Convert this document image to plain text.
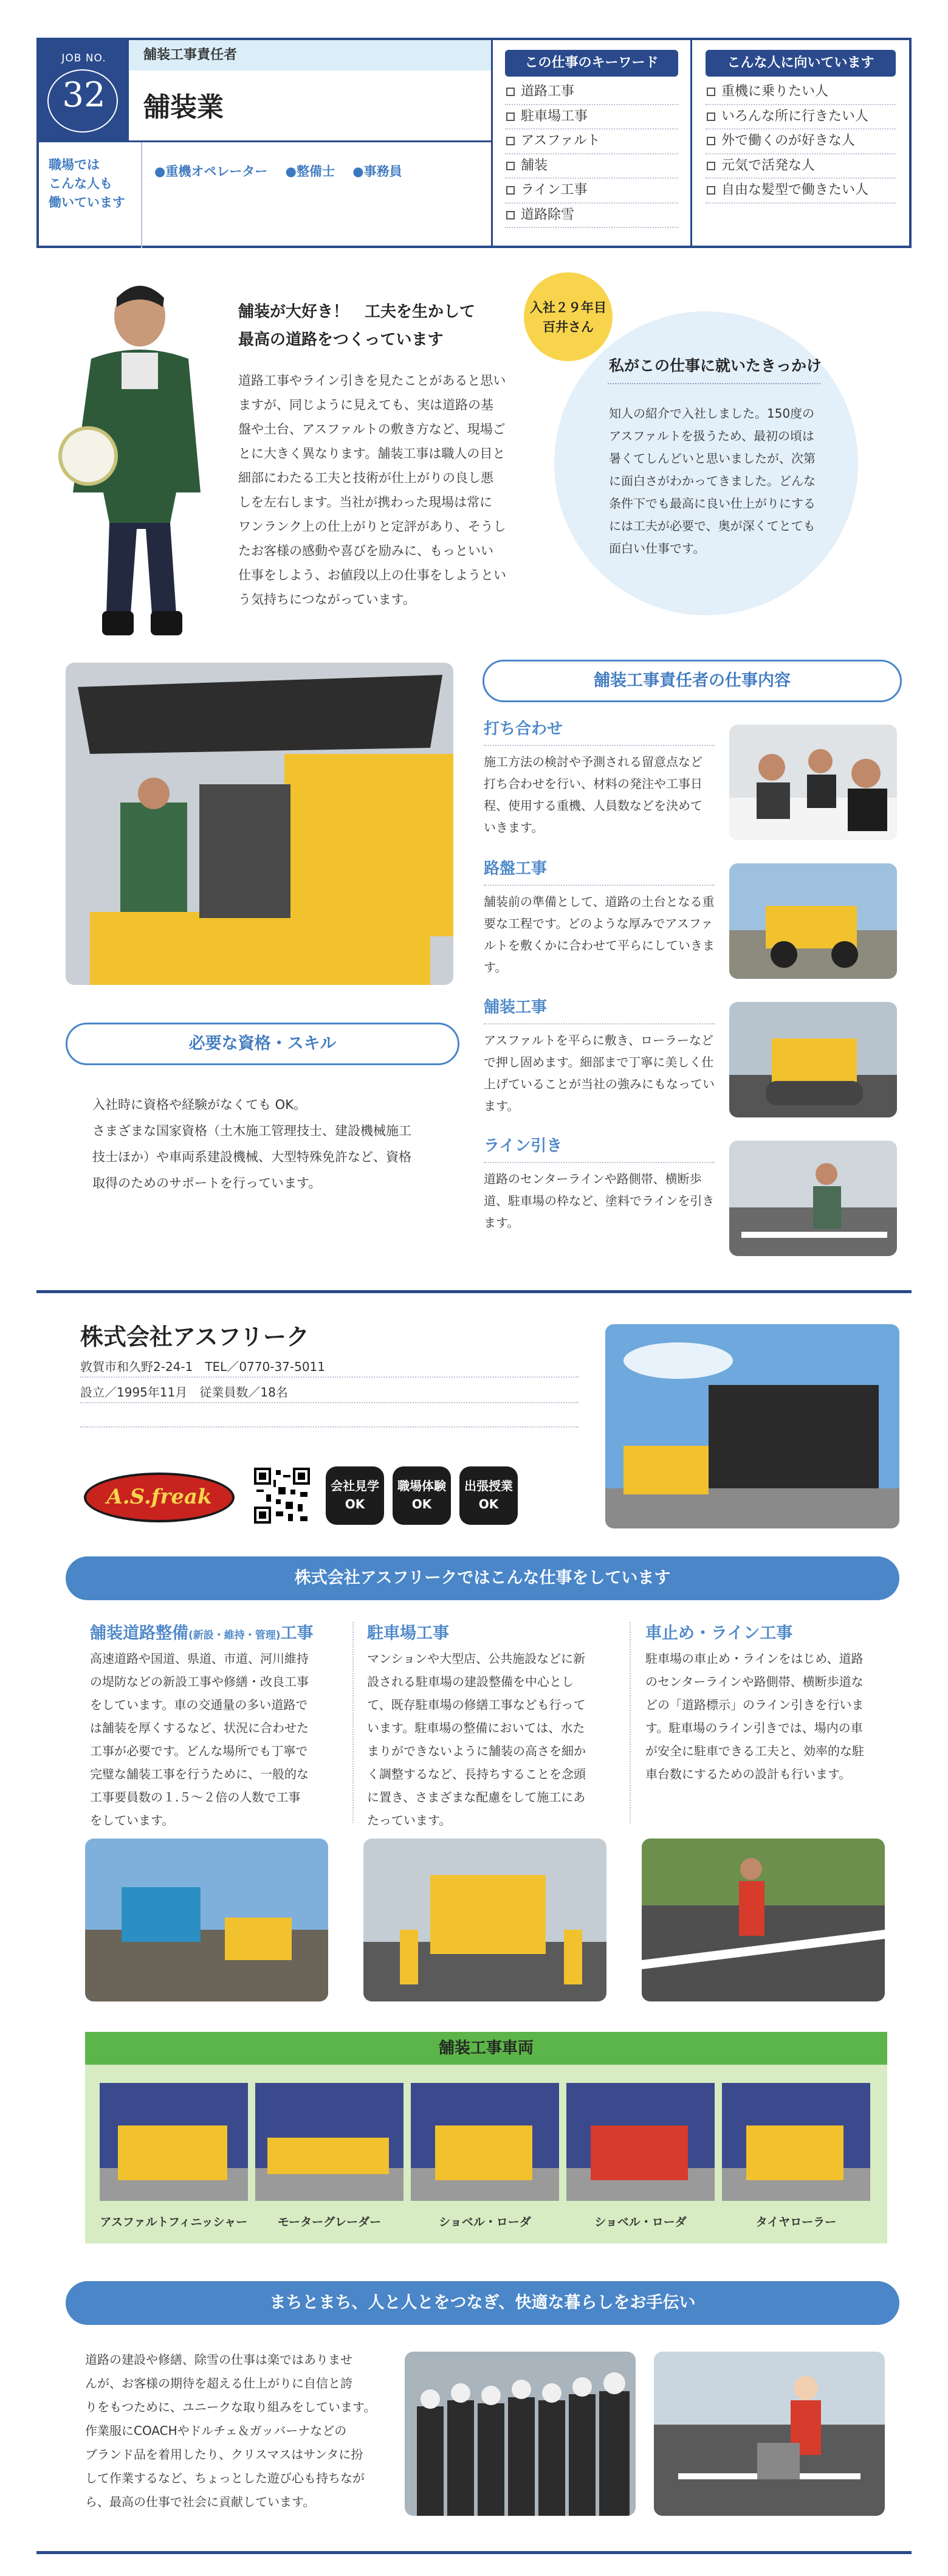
JOB NO.
32
舗装工事責任者
舗装業
職場では
こんな人も
働いています
●重機オペレーター ●整備士 ●事務員
この仕事のキーワード
道路工事
駐車場工事
アスファルト
舗装
ライン工事
道路除雪
こんな人に向いています
重機に乗りたい人
いろんな所に行きたい人
外で働くのが好きな人
元気で活発な人
自由な髪型で働きたい人
舗装が大好き！　工夫を生かして
最高の道路をつくっています
道路工事やライン引きを見たことがあると思い
ますが、同じように見えても、実は道路の基
盤や土台、アスファルトの敷き方など、現場ご
とに大きく異なります。舗装工事は職人の目と
細部にわたる工夫と技術が仕上がりの良し悪
しを左右します。当社が携わった現場は常に
ワンランク上の仕上がりと定評があり、そうし
たお客様の感動や喜びを励みに、もっといい
仕事をしよう、お値段以上の仕事をしようとい
う気持ちにつながっています。
入社２９年目
百井さん
私がこの仕事に就いたきっかけ
知人の紹介で入社しました。150度の
アスファルトを扱うため、最初の頃は
暑くてしんどいと思いましたが、次第
に面白さがわかってきました。どんな
条件下でも最高に良い仕上がりにする
には工夫が必要で、奥が深くてとても
面白い仕事です。
舗装工事責任者の仕事内容
打ち合わせ
施工方法の検討や予測される留意点など
打ち合わせを行い、材料の発注や工事日
程、使用する重機、人員数などを決めて
いきます。
路盤工事
舗装前の準備として、道路の土台となる重
要な工程です。どのような厚みでアスファ
ルトを敷くかに合わせて平らにしていきま
す。
舗装工事
アスファルトを平らに敷き、ローラーなど
で押し固めます。細部まで丁寧に美しく仕
上げていることが当社の強みにもなってい
ます。
ライン引き
道路のセンターラインや路側帯、横断歩
道、駐車場の枠など、塗料でラインを引き
ます。
必要な資格・スキル
入社時に資格や経験がなくても OK。
さまざまな国家資格（土木施工管理技士、建設機械施工
技士ほか）や車両系建設機械、大型特殊免許など、資格
取得のためのサポートを行っています。
株式会社アスフリーク
敦賀市和久野2-24-1　TEL／0770-37-5011
設立／1995年11月　従業員数／18名
A.S.freak	会社見学
OK
職場体験
OK
出張授業
OK
株式会社アスフリークではこんな仕事をしています
舗装道路整備(新設・維持・管理)工事
高速道路や国道、県道、市道、河川維持
の堤防などの新設工事や修繕・改良工事
をしています。車の交通量の多い道路で
は舗装を厚くするなど、状況に合わせた
工事が必要です。どんな場所でも丁寧で
完璧な舗装工事を行うために、一般的な
工事要員数の１.５～２倍の人数で工事
をしています。
駐車場工事
マンションや大型店、公共施設などに新
設される駐車場の建設整備を中心とし
て、既存駐車場の修繕工事なども行って
います。駐車場の整備においては、水た
まりができないように舗装の高さを細か
く調整するなど、長持ちすることを念頭
に置き、さまざまな配慮をして施工にあ
たっています。
車止め・ライン工事
駐車場の車止め・ラインをはじめ、道路
のセンターラインや路側帯、横断歩道な
どの「道路標示」のライン引きを行いま
す。駐車場のライン引きでは、場内の車
が安全に駐車できる工夫と、効率的な駐
車台数にするための設計も行います。
舗装工事車両
アスファルトフィニッシャー	モーターグレーダー	ショベル・ローダ	ショベル・ローダ	タイヤローラー
まちとまち、人と人とをつなぎ、快適な暮らしをお手伝い
道路の建設や修繕、除雪の仕事は楽ではありませ
んが、お客様の期待を超える仕上がりに自信と誇
りをもつために、ユニークな取り組みをしています。
作業服にCOACHやドルチェ＆ガッバーナなどの
ブランド品を着用したり、クリスマスはサンタに扮
して作業するなど、ちょっとした遊び心も持ちなが
ら、最高の仕事で社会に貢献しています。
